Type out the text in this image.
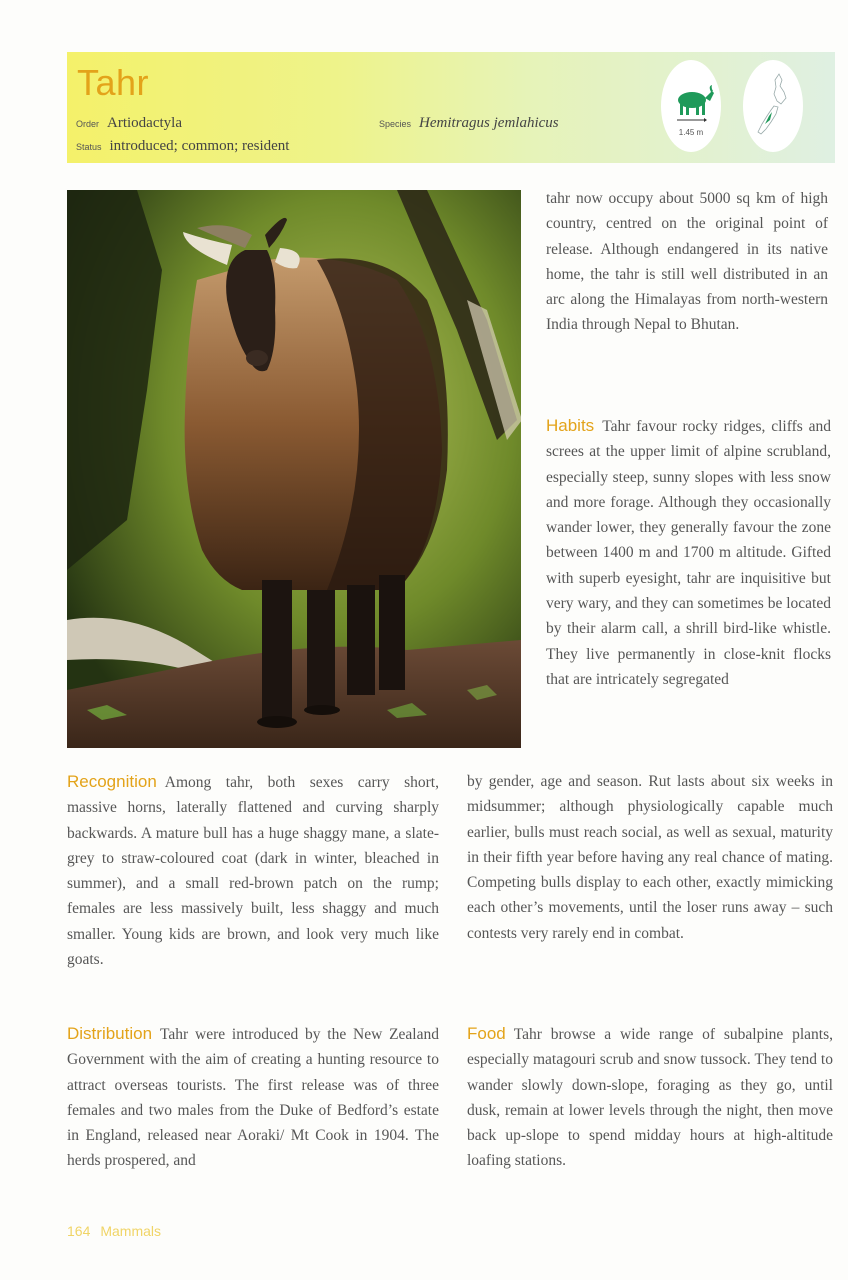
Tahr
Order Artiodactyla
Status introduced; common; resident
Species Hemitragus jemlahicus
1.45 m
tahr now occupy about 5000 sq km of high country, centred on the original point of release. Although endangered in its native home, the tahr is still well distributed in an arc along the Himalayas from north-western India through Nepal to Bhutan.
Habits Tahr favour rocky ridges, cliffs and screes at the upper limit of alpine scrubland, especially steep, sunny slopes with less snow and more forage. Although they occasionally wander lower, they generally favour the zone between 1400 m and 1700 m altitude. Gifted with superb eyesight, tahr are inquisitive but very wary, and they can sometimes be located by their alarm call, a shrill bird-like whistle. They live permanently in close-knit flocks that are intricately segregated
by gender, age and season. Rut lasts about six weeks in midsummer; although physiologically capable much earlier, bulls must reach social, as well as sexual, maturity in their fifth year before having any real chance of mating. Competing bulls display to each other, exactly mimicking each other’s movements, until the loser runs away – such contests very rarely end in combat.
Recognition Among tahr, both sexes carry short, massive horns, laterally flattened and curving sharply backwards. A mature bull has a huge shaggy mane, a slate-grey to straw-coloured coat (dark in winter, bleached in summer), and a small red-brown patch on the rump; females are less massively built, less shaggy and much smaller. Young kids are brown, and look very much like goats.
Distribution Tahr were introduced by the New Zealand Government with the aim of creating a hunting resource to attract overseas tourists. The first release was of three females and two males from the Duke of Bedford’s estate in England, released near Aoraki/ Mt Cook in 1904. The herds prospered, and
Food Tahr browse a wide range of subalpine plants, especially matagouri scrub and snow tussock. They tend to wander slowly down-slope, foraging as they go, until dusk, remain at lower levels through the night, then move back up-slope to spend midday hours at high-altitude loafing stations.
164 Mammals
